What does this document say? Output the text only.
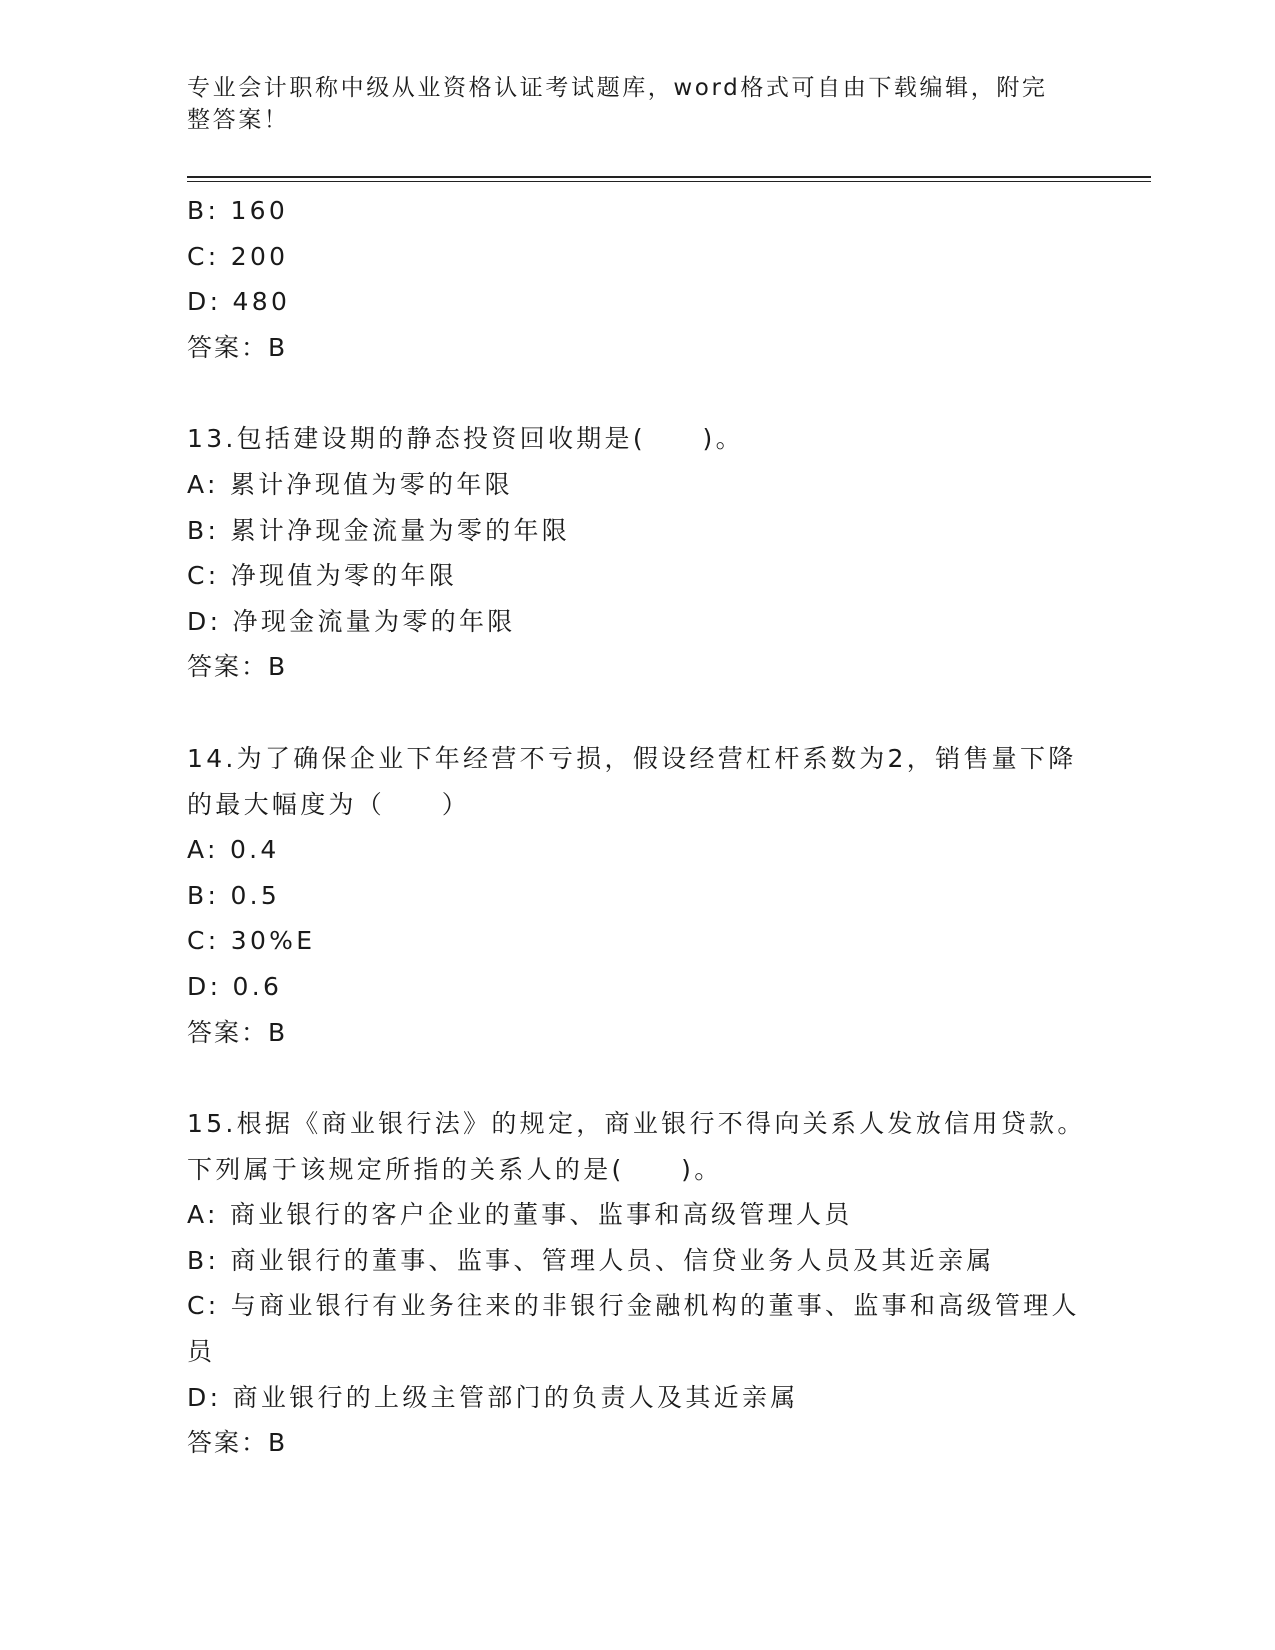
专业会计职称中级从业资格认证考试题库，word格式可自由下载编辑，附完整答案！
B: 160
C: 200
D: 480
答案：B
13.包括建设期的静态投资回收期是(　　)。
A: 累计净现值为零的年限
B: 累计净现金流量为零的年限
C: 净现值为零的年限
D: 净现金流量为零的年限
答案：B
14.为了确保企业下年经营不亏损，假设经营杠杆系数为2，销售量下降的最大幅度为（　　）
A: 0.4
B: 0.5
C: 30%E
D: 0.6
答案：B
15.根据《商业银行法》的规定，商业银行不得向关系人发放信用贷款。下列属于该规定所指的关系人的是(　　)。
A: 商业银行的客户企业的董事、监事和高级管理人员
B: 商业银行的董事、监事、管理人员、信贷业务人员及其近亲属
C: 与商业银行有业务往来的非银行金融机构的董事、监事和高级管理人员
D: 商业银行的上级主管部门的负责人及其近亲属
答案：B
